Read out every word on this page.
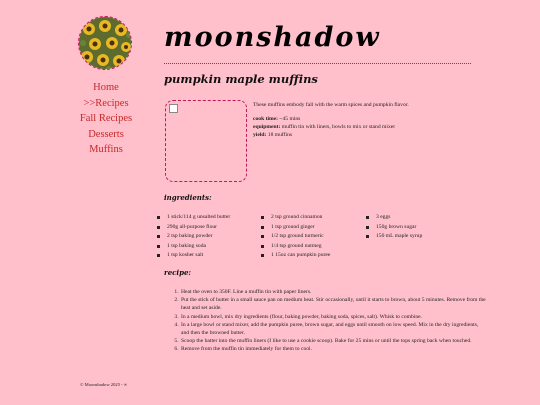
Home
>>Recipes
Fall Recipes
Desserts
Muffins
moonshadow
pumpkin maple muffins
These muffins embody fall with the warm spices and pumpkin flavor.
cook time: ~45 mins
equipment: muffin tin with liners, bowls to mix or stand mixer
yield: 18 muffins
ingredients:
1 stick/114 g unsalted butter
290g all-purpose flour
2 tsp baking powder
1 tsp baking soda
1 tsp kosher salt
2 tsp ground cinnamon
1 tsp ground ginger
1/2 tsp ground turmeric
1/4 tsp ground nutmeg
1 15oz can pumpkin puree
3 eggs
150g brown sugar
150 mL maple syrup
recipe:
1. Heat the oven to 350F. Line a muffin tin with paper liners.
2. Put the stick of butter in a small sauce pan on medium heat. Stir occasionally, until it starts to brown, about 5 minutes. Remove from the heat and set aside.
3. In a medium bowl, mix dry ingredients (flour, baking powder, baking soda, spices, salt). Whisk to combine.
4. In a large bowl or stand mixer, add the pumpkin puree, brown sugar, and eggs until smooth on low speed. Mix in the dry ingredients, and then the browned butter.
5. Scoop the batter into the muffin liners (I like to use a cookie scoop). Bake for 25 mins or until the tops spring back when touched.
6. Remove from the muffin tin immediately for them to cool.
© Moonshadow 2025 - ∞
